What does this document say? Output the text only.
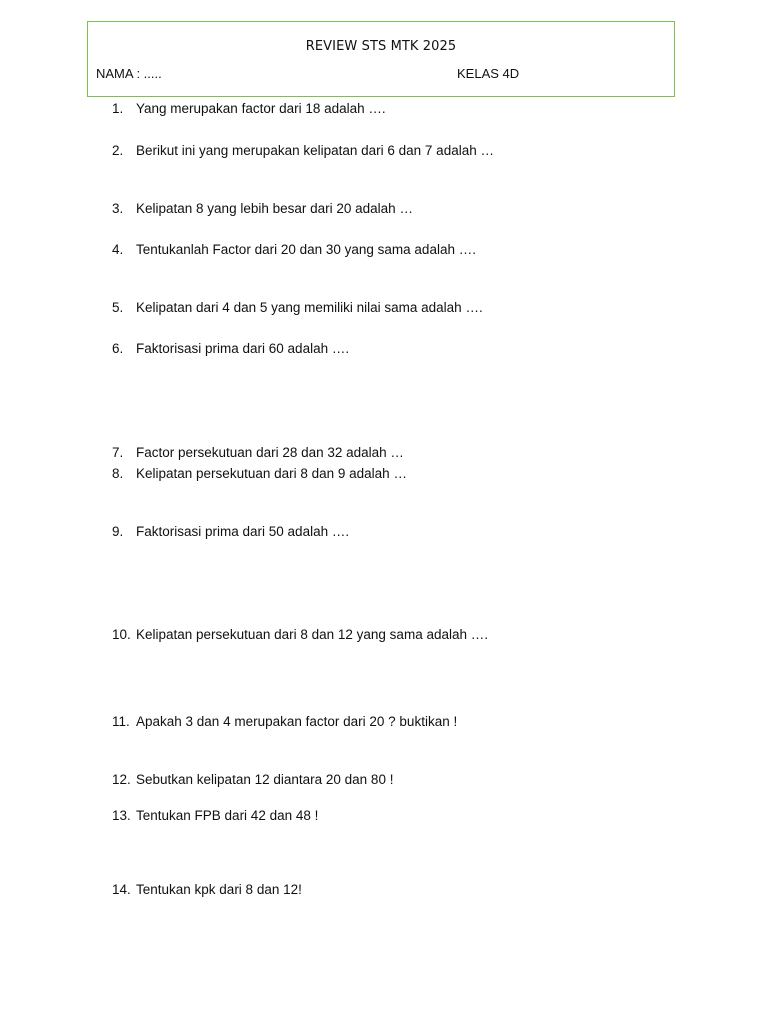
REVIEW STS MTK 2025
NAMA : .....	KELAS 4D
1. Yang merupakan factor dari 18 adalah ….
2. Berikut ini yang merupakan kelipatan dari 6 dan 7 adalah …
3. Kelipatan 8 yang lebih besar dari 20 adalah …
4. Tentukanlah Factor dari 20 dan 30 yang sama adalah ….
5. Kelipatan dari 4 dan 5 yang memiliki nilai sama adalah ….
6. Faktorisasi prima dari 60 adalah ….
7. Factor persekutuan dari 28 dan 32 adalah …
8. Kelipatan persekutuan dari 8 dan 9 adalah …
9. Faktorisasi prima dari 50 adalah ….
10. Kelipatan persekutuan dari 8 dan 12 yang sama adalah ….
11. Apakah 3 dan 4 merupakan factor dari 20 ? buktikan !
12. Sebutkan kelipatan 12 diantara 20 dan 80 !
13. Tentukan FPB dari 42 dan 48 !
14. Tentukan kpk dari 8 dan 12!
